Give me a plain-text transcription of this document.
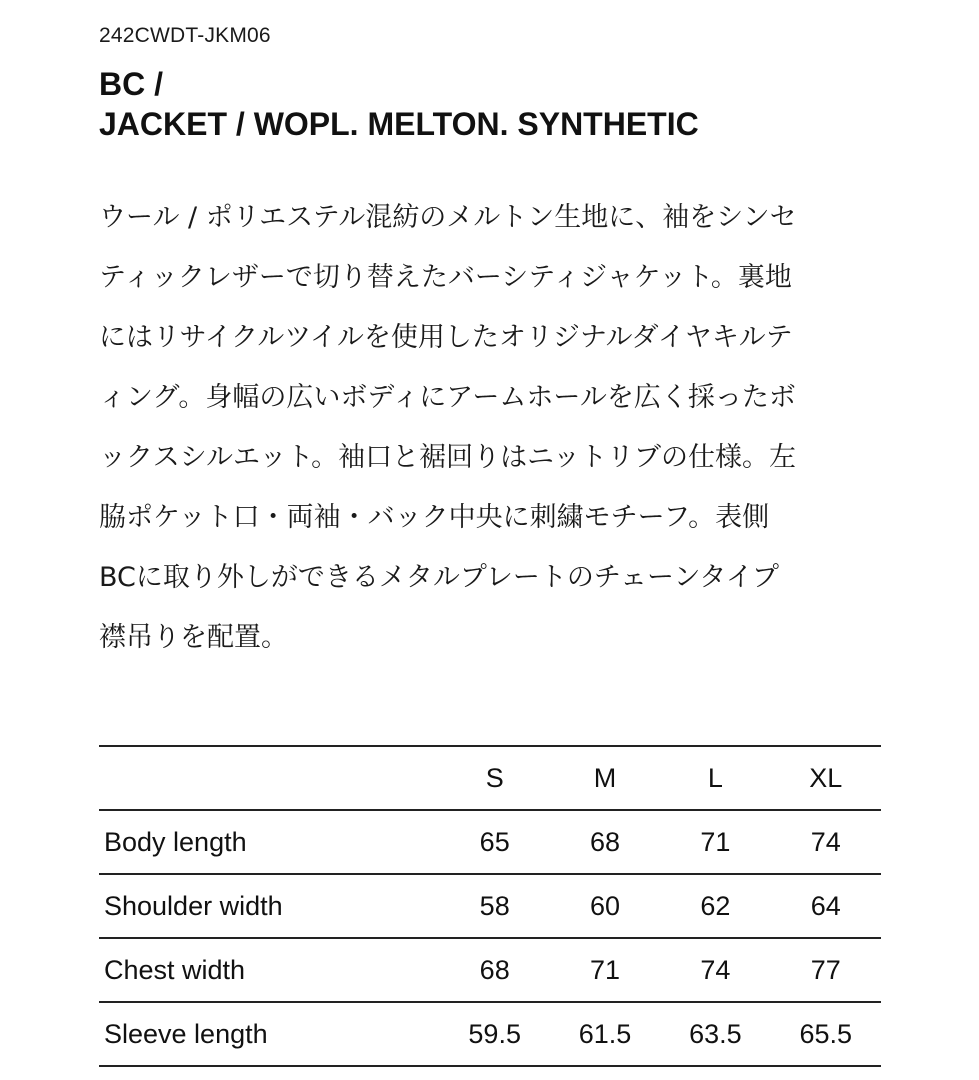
242CWDT-JKM06
BC /
JACKET / WOPL. MELTON. SYNTHETIC

ウール / ポリエステル混紡のメルトン生地に、袖をシンセ
ティックレザーで切り替えたバーシティジャケット。裏地
にはリサイクルツイルを使用したオリジナルダイヤキルテ
ィング。身幅の広いボディにアームホールを広く採ったボ
ックスシルエット。袖口と裾回りはニットリブの仕様。左
脇ポケット口・両袖・バック中央に刺繍モチーフ。表側
BCに取り外しができるメタルプレートのチェーンタイプ
襟吊りを配置。

	S	M	L	XL
Body length	65	68	71	74
Shoulder width	58	60	62	64
Chest width	68	71	74	77
Sleeve length	59.5	61.5	63.5	65.5
